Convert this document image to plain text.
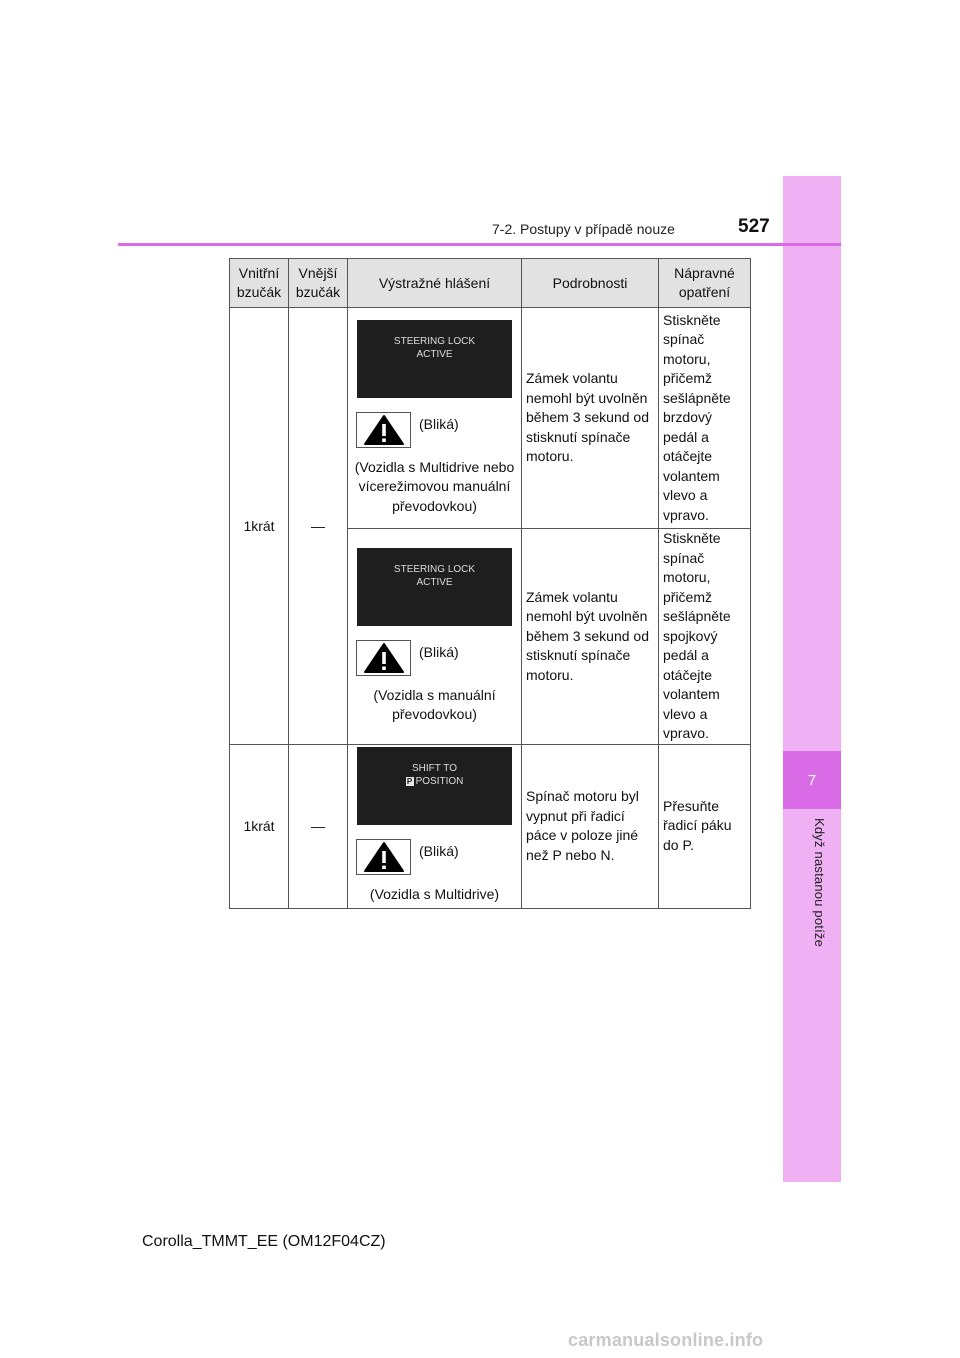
7
Když nastanou potíže
7-2. Postupy v případě nouze	527
Vnitřní bzučák	Vnější bzučák	Výstražné hlášení	Podrobnosti	Nápravné opatření
1krát	—	STEERING LOCK
ACTIVE
(Bliká)
(Vozidla s Multidrive nebo vícerežimovou manuální převodovkou)	Zámek volantu nemohl být uvolněn během 3 sekund od stisknutí spínače motoru.	Stiskněte spínač motoru, přičemž sešlápněte brzdový pedál a otáčejte volantem vlevo a vpravo.

		STEERING LOCK
ACTIVE
(Bliká)
(Vozidla s manuální převodovkou)	Zámek volantu nemohl být uvolněn během 3 sekund od stisknutí spínače motoru.	Stiskněte spínač motoru, přičemž sešlápněte spojkový pedál a otáčejte volantem vlevo a vpravo.
1krát	—	SHIFT TO
P POSITION
(Bliká)
(Vozidla s Multidrive)	Spínač motoru byl vypnut při řadicí páce v poloze jiné než P nebo N.	Přesuňte řadicí páku do P.
Corolla_TMMT_EE (OM12F04CZ)
carmanualsonline.info
